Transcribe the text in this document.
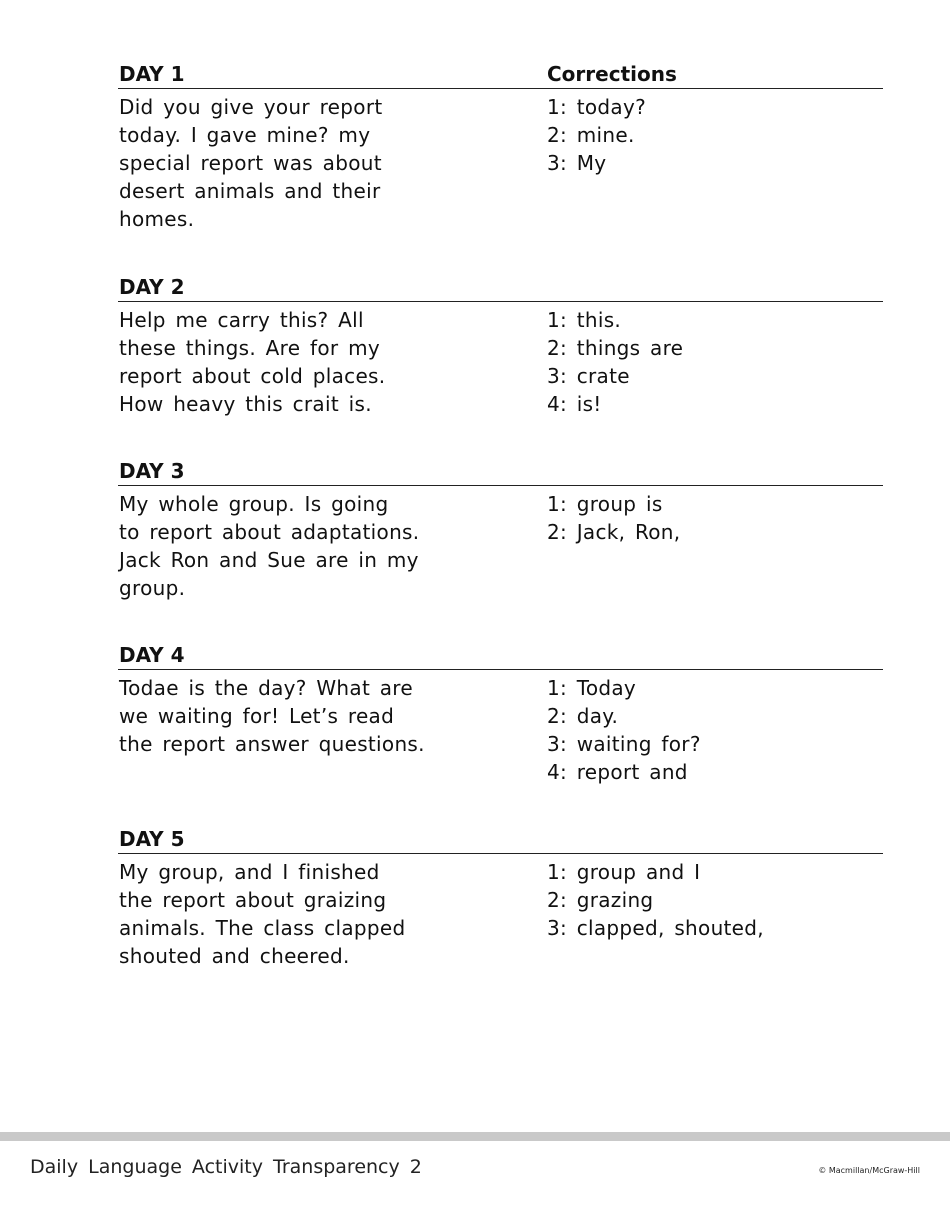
DAY 1	Corrections
Did you give your report
today. I gave mine? my
special report was about
desert animals and their
homes.
1: today?
2: mine.
3: My
DAY 2
Help me carry this? All
these things. Are for my
report about cold places.
How heavy this crait is.
1: this.
2: things are
3: crate
4: is!
DAY 3
My whole group. Is going
to report about adaptations.
Jack Ron and Sue are in my
group.
1: group is
2: Jack, Ron,
DAY 4
Todae is the day? What are
we waiting for! Let’s read
the report answer questions.
1: Today
2: day.
3: waiting for?
4: report and
DAY 5
My group, and I finished
the report about graizing
animals. The class clapped
shouted and cheered.
1: group and I
2: grazing
3: clapped, shouted,
Daily Language Activity Transparency 2	© Macmillan/McGraw-Hill
